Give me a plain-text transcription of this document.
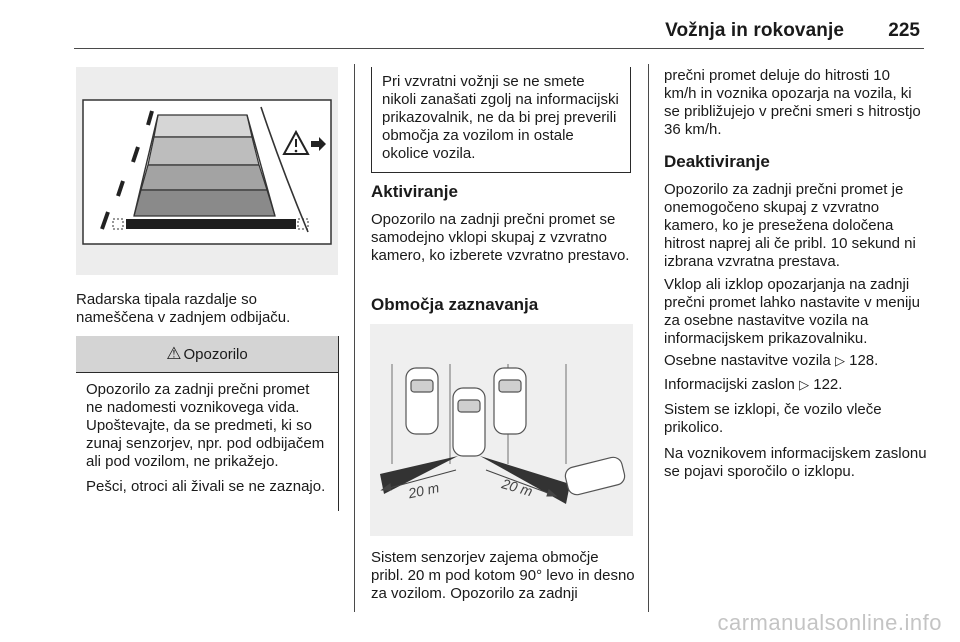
Vožnja in rokovanje 225
Radarska tipala razdalje so nameščena v zadnjem odbijaču.
⚠ Opozorilo

Opozorilo za zadnji prečni promet ne nadomesti voznikovega vida. Upoštevajte, da se predmeti, ki so zunaj senzorjev, npr. pod odbijačem ali pod vozilom, ne prikažejo.

Pešci, otroci ali živali se ne zaznajo.

Pri vzvratni vožnji se ne smete nikoli zanašati zgolj na informacijski prikazovalnik, ne da bi prej preverili območja za vozilom in ostale okolice vozila.
Aktiviranje

Opozorilo na zadnji prečni promet se samodejno vklopi skupaj z vzvratno kamero, ko izberete vzvratno prestavo.

Območja zaznavanja
20 m	20 m

Sistem senzorjev zajema območje pribl. 20 m pod kotom 90° levo in desno za vozilom. Opozorilo za zadnji

prečni promet deluje do hitrosti 10 km/h in voznika opozarja na vozila, ki se približujejo v prečni smeri s hitrostjo 36 km/h.

Deaktiviranje

Opozorilo za zadnji prečni promet je onemogočeno skupaj z vzvratno kamero, ko je presežena določena hitrost naprej ali če pribl. 10 sekund ni izbrana vzvratna prestava.

Vklop ali izklop opozarjanja na zadnji prečni promet lahko nastavite v meniju za osebne nastavitve vozila na informacijskem prikazovalniku.

Osebne nastavitve vozila ▷ 128.

Informacijski zaslon ▷ 122.

Sistem se izklopi, če vozilo vleče prikolico.

Na voznikovem informacijskem zaslonu se pojavi sporočilo o izklopu.

carmanualsonline.info
